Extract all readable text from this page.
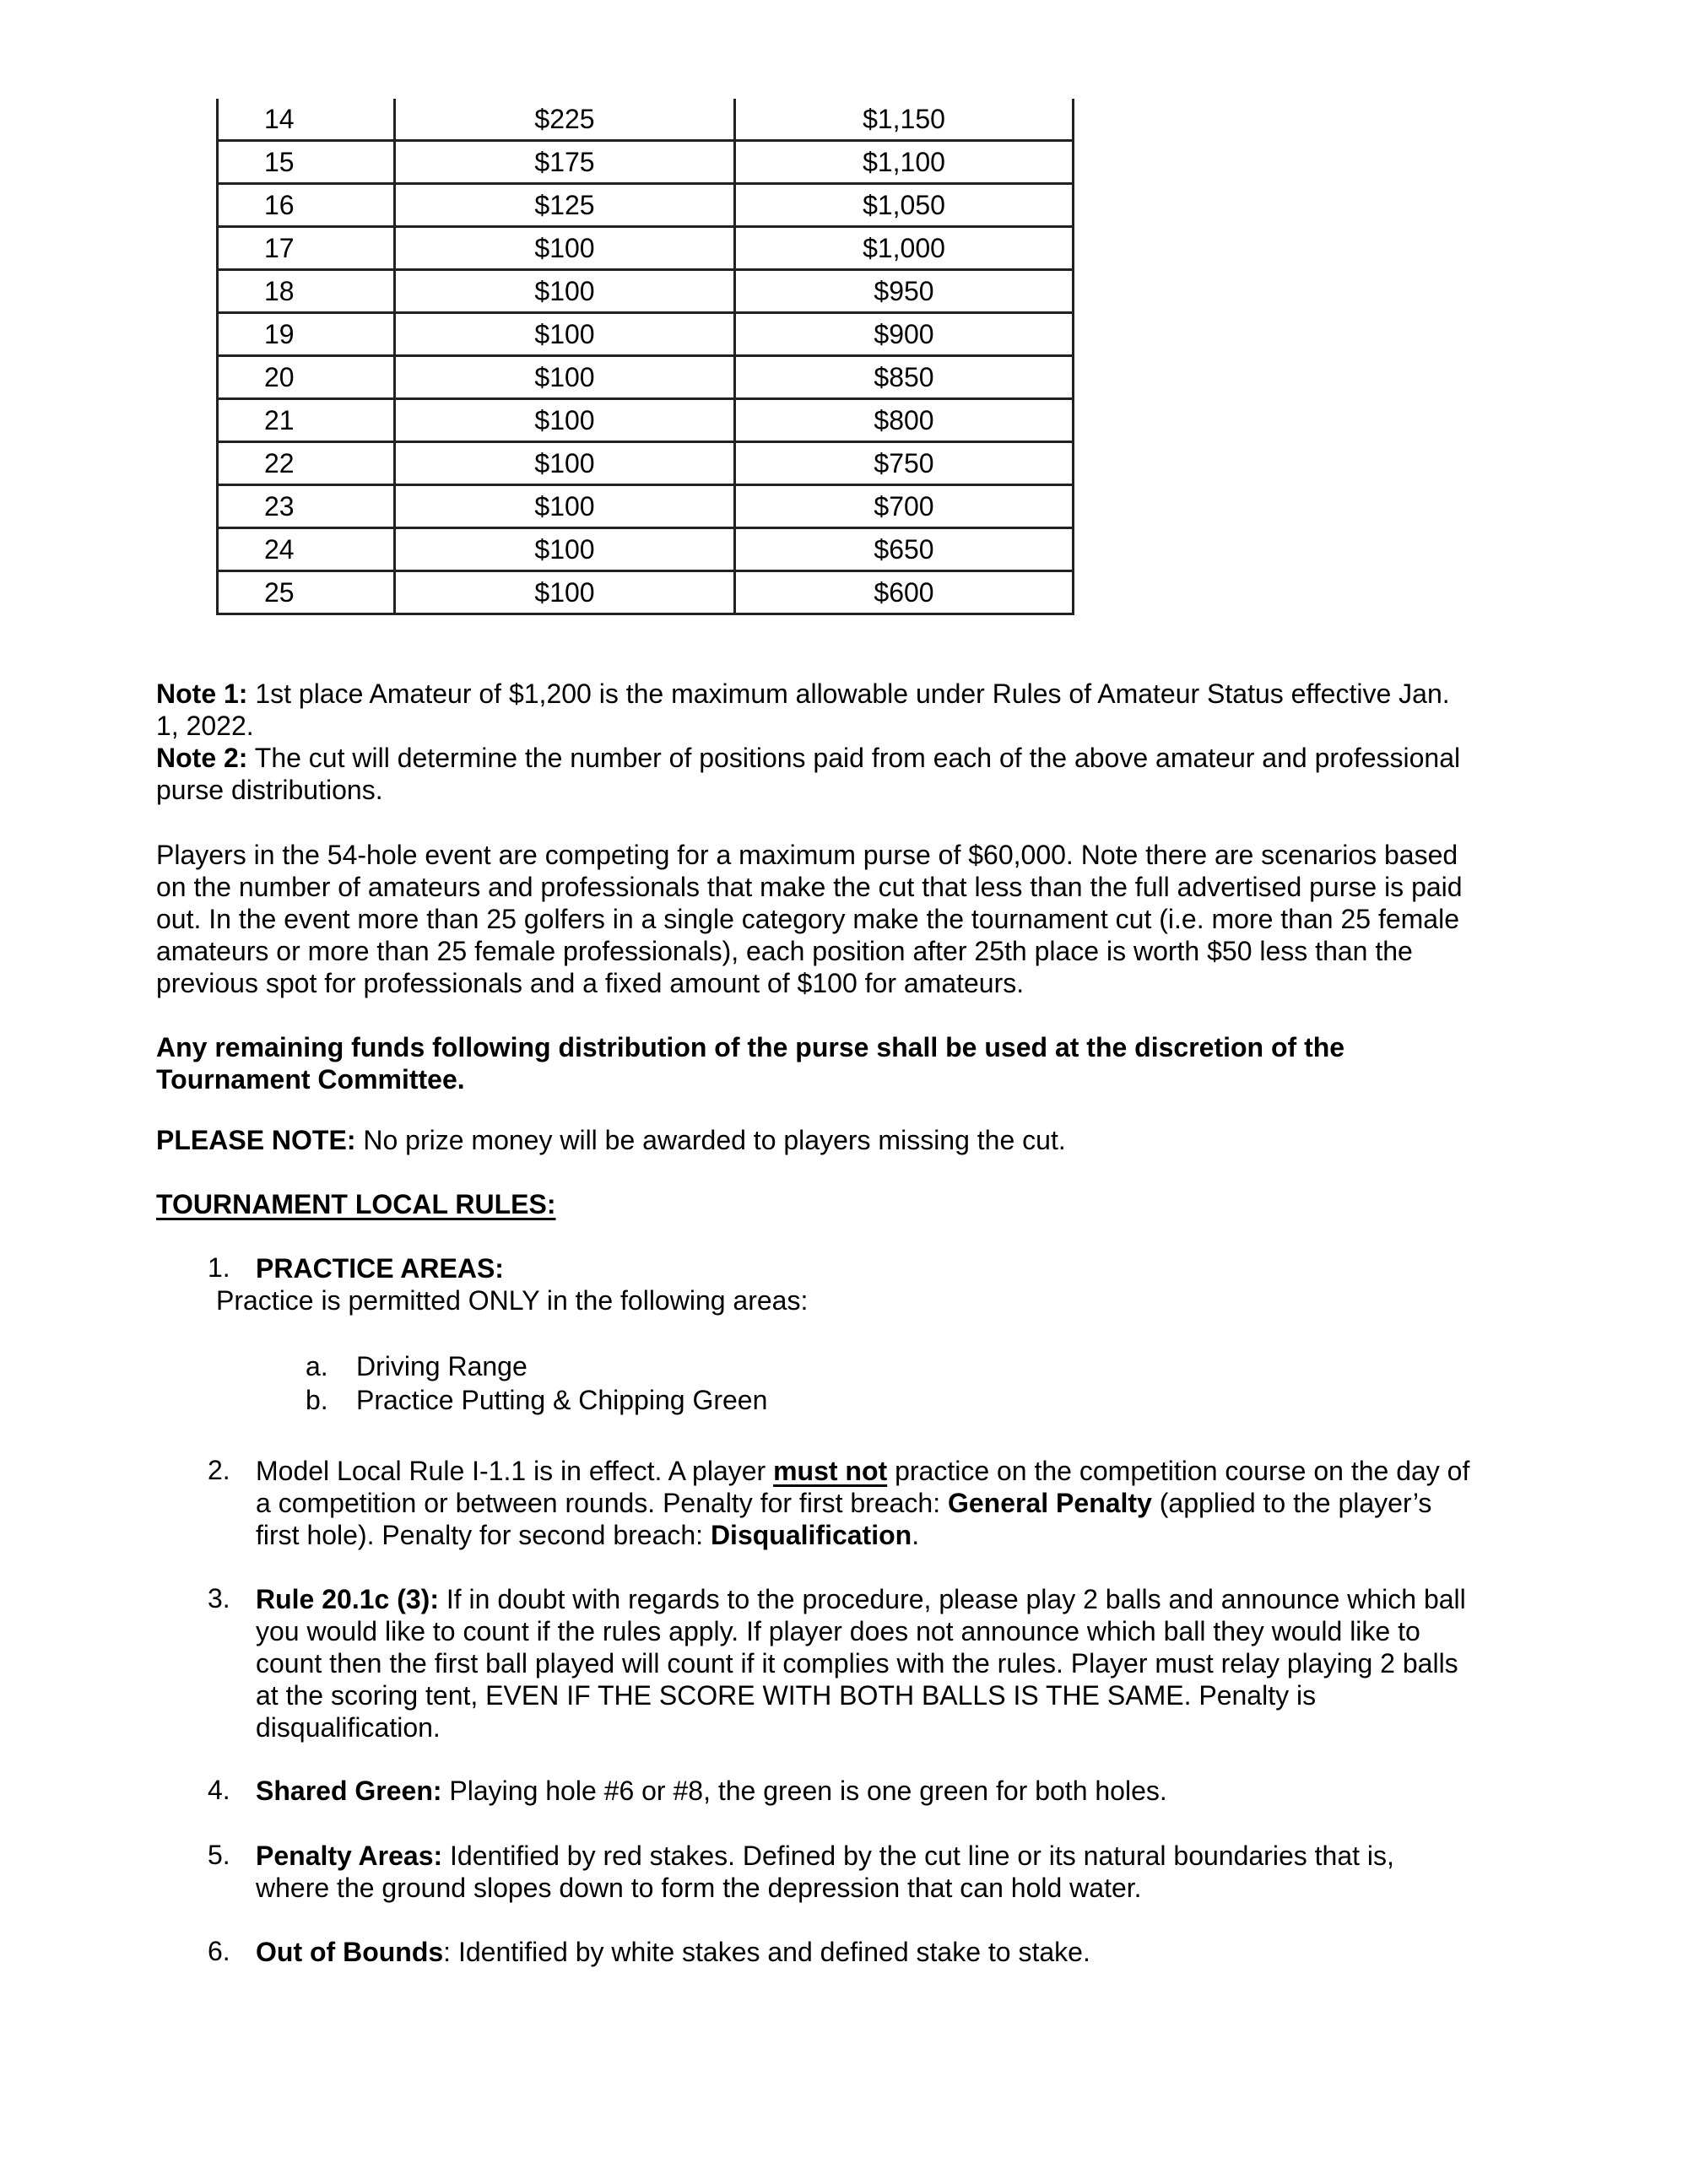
14	$225	$1,150
15	$175	$1,100
16	$125	$1,050
17	$100	$1,000
18	$100	$950
19	$100	$900
20	$100	$850
21	$100	$800
22	$100	$750
23	$100	$700
24	$100	$650
25	$100	$600
Note 1: 1st place Amateur of $1,200 is the maximum allowable under Rules of Amateur Status effective Jan. 1, 2022.
Note 2: The cut will determine the number of positions paid from each of the above amateur and professional purse distributions.
Players in the 54-hole event are competing for a maximum purse of $60,000. Note there are scenarios based on the number of amateurs and professionals that make the cut that less than the full advertised purse is paid out. In the event more than 25 golfers in a single category make the tournament cut (i.e. more than 25 female amateurs or more than 25 female professionals), each position after 25th place is worth $50 less than the previous spot for professionals and a fixed amount of $100 for amateurs.
Any remaining funds following distribution of the purse shall be used at the discretion of the Tournament Committee.
PLEASE NOTE: No prize money will be awarded to players missing the cut.
TOURNAMENT LOCAL RULES:
1. PRACTICE AREAS:
Practice is permitted ONLY in the following areas:
a. Driving Range
b. Practice Putting & Chipping Green
2. Model Local Rule I-1.1 is in effect. A player must not practice on the competition course on the day of a competition or between rounds. Penalty for first breach: General Penalty (applied to the player’s first hole). Penalty for second breach: Disqualification.
3. Rule 20.1c (3): If in doubt with regards to the procedure, please play 2 balls and announce which ball you would like to count if the rules apply. If player does not announce which ball they would like to count then the first ball played will count if it complies with the rules. Player must relay playing 2 balls at the scoring tent, EVEN IF THE SCORE WITH BOTH BALLS IS THE SAME. Penalty is disqualification.
4. Shared Green: Playing hole #6 or #8, the green is one green for both holes.
5. Penalty Areas: Identified by red stakes. Defined by the cut line or its natural boundaries that is, where the ground slopes down to form the depression that can hold water.
6. Out of Bounds: Identified by white stakes and defined stake to stake.
